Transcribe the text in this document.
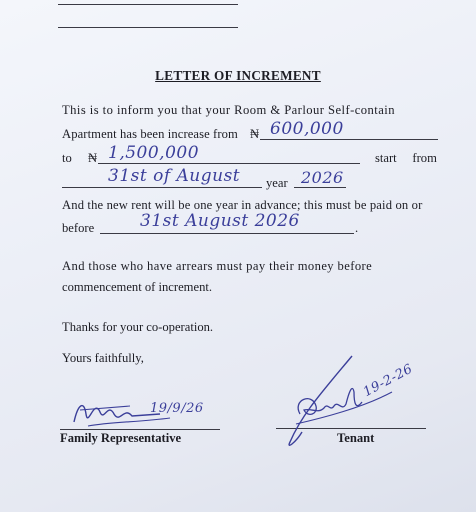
LETTER OF INCREMENT
This is to inform you that your Room & Parlour Self-contain
Apartment has been increase from ₦ 600,000
to ₦ 1,500,000	start     from
31st of August year 2026
And the new rent will be one year in advance; this must be paid on or
before	31st August 2026	.
And those who have arrears must pay their money before
commencement of increment.
Thanks for your co-operation.
Yours faithfully,
19/9/26
Family Representative
19-2-26
Tenant
